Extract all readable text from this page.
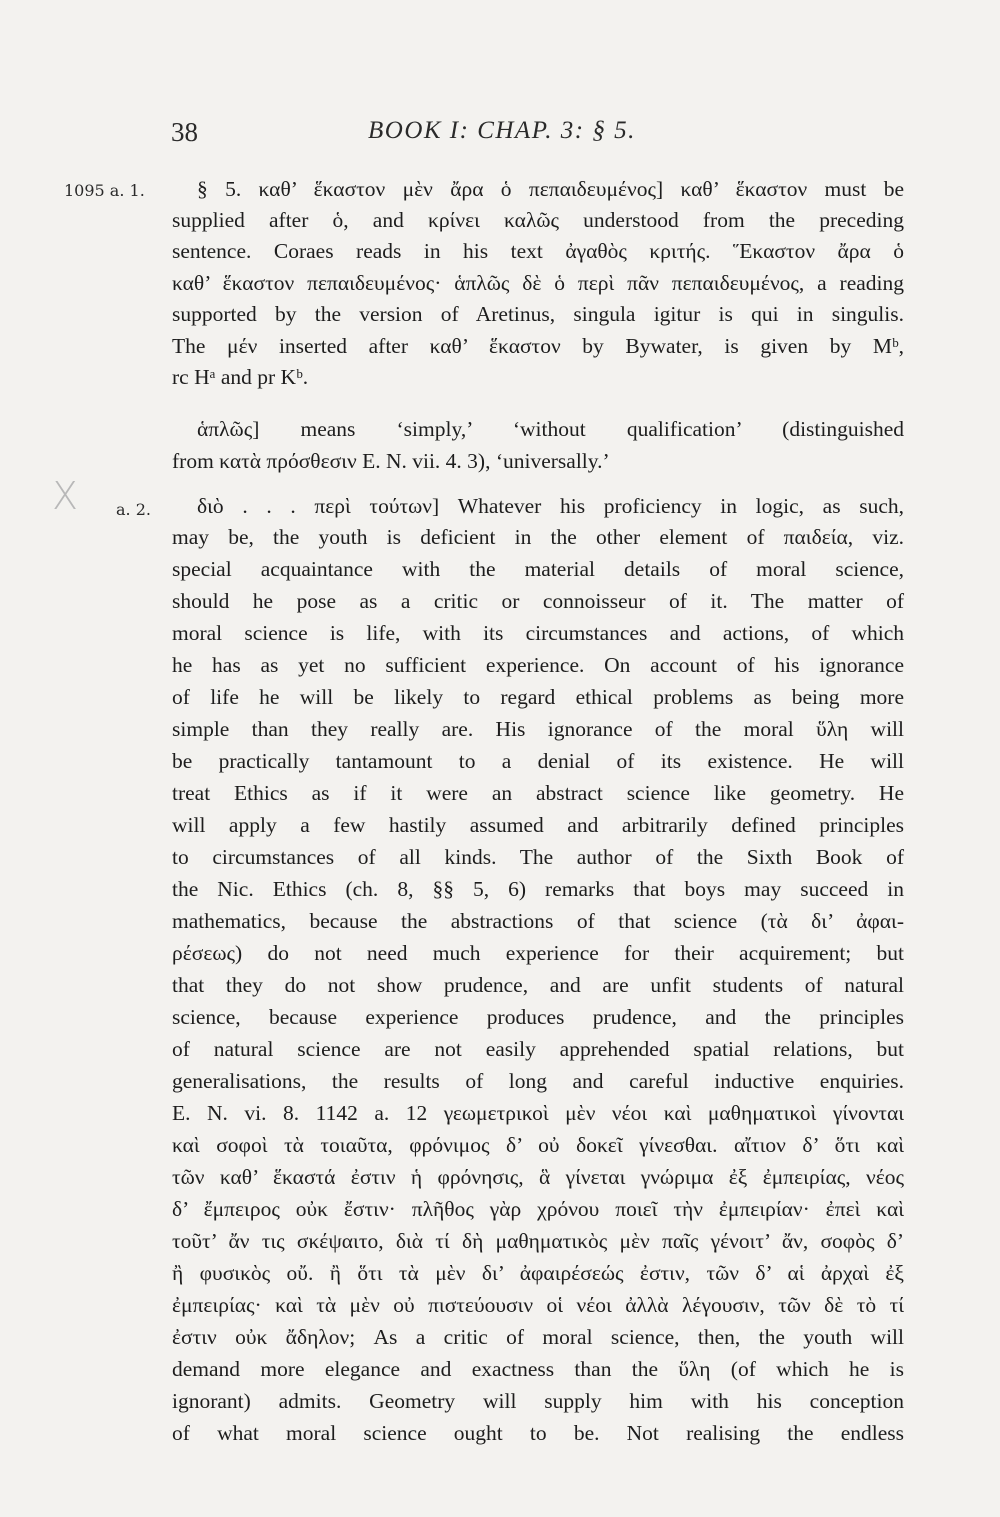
38	BOOK I: CHAP. 3: § 5.
1095 a. 1.
a. 2.
X
§ 5. καθ’ ἕκαστον μὲν ἄρα ὁ πεπαιδευμένος] καθ’ ἕκαστον must be
supplied after ὁ, and κρίνει καλῶς understood from the preceding
sentence. Coraes reads in his text ἀγαθὸς κριτής. Ἕκαστον ἄρα ὁ
καθ’ ἕκαστον πεπαιδευμένος· ἁπλῶς δὲ ὁ περὶ πᾶν πεπαιδευμένος, a reading
supported by the version of Aretinus, singula igitur is qui in singulis.
The μέν inserted after καθ’ ἕκαστον by Bywater, is given by Mᵇ,
rc Hᵃ and pr Kᵇ.
ἁπλῶς] means ‘simply,’ ‘without qualification’ (distinguished
from κατὰ πρόσθεσιν E. N. vii. 4. 3), ‘universally.’
διὸ . . . περὶ τούτων] Whatever his proficiency in logic, as such,
may be, the youth is deficient in the other element of παιδεία, viz.
special acquaintance with the material details of moral science,
should he pose as a critic or connoisseur of it. The matter of
moral science is life, with its circumstances and actions, of which
he has as yet no sufficient experience. On account of his ignorance
of life he will be likely to regard ethical problems as being more
simple than they really are. His ignorance of the moral ὕλη will
be practically tantamount to a denial of its existence. He will
treat Ethics as if it were an abstract science like geometry. He
will apply a few hastily assumed and arbitrarily defined principles
to circumstances of all kinds. The author of the Sixth Book of
the Nic. Ethics (ch. 8, §§ 5, 6) remarks that boys may succeed in
mathematics, because the abstractions of that science (τὰ δι’ ἀφαι-
ρέσεως) do not need much experience for their acquirement; but
that they do not show prudence, and are unfit students of natural
science, because experience produces prudence, and the principles
of natural science are not easily apprehended spatial relations, but
generalisations, the results of long and careful inductive enquiries.
E. N. vi. 8. 1142 a. 12 γεωμετρικοὶ μὲν νέοι καὶ μαθηματικοὶ γίνονται
καὶ σοφοὶ τὰ τοιαῦτα, φρόνιμος δ’ οὐ δοκεῖ γίνεσθαι. αἴτιον δ’ ὅτι καὶ
τῶν καθ’ ἕκαστά ἐστιν ἡ φρόνησις, ἃ γίνεται γνώριμα ἐξ ἐμπειρίας, νέος
δ’ ἔμπειρος οὐκ ἔστιν· πλῆθος γὰρ χρόνου ποιεῖ τὴν ἐμπειρίαν· ἐπεὶ καὶ
τοῦτ’ ἄν τις σκέψαιτο, διὰ τί δὴ μαθηματικὸς μὲν παῖς γένοιτ’ ἄν, σοφὸς δ’
ἢ φυσικὸς οὔ. ἢ ὅτι τὰ μὲν δι’ ἀφαιρέσεώς ἐστιν, τῶν δ’ αἱ ἀρχαὶ ἐξ
ἐμπειρίας· καὶ τὰ μὲν οὐ πιστεύουσιν οἱ νέοι ἀλλὰ λέγουσιν, τῶν δὲ τὸ τί
ἐστιν οὐκ ἄδηλον; As a critic of moral science, then, the youth will
demand more elegance and exactness than the ὕλη (of which he is
ignorant) admits. Geometry will supply him with his conception
of what moral science ought to be. Not realising the endless
